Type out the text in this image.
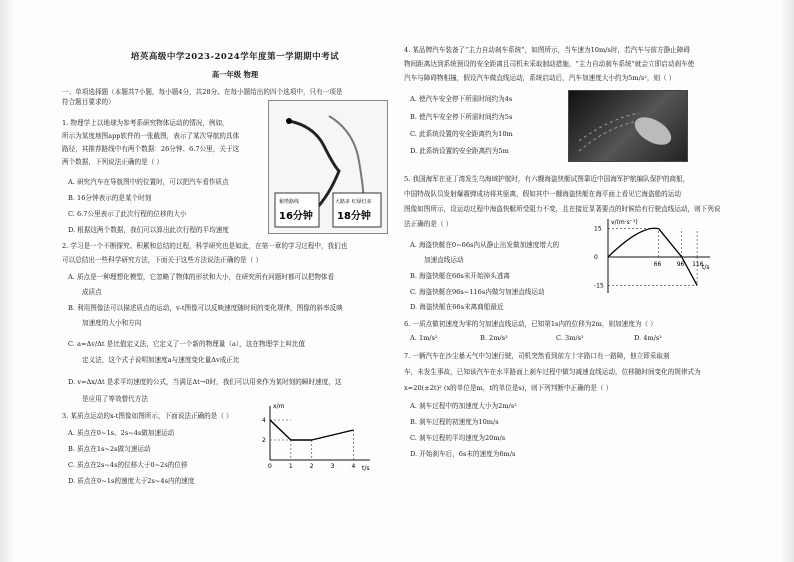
培英高级中学2023-2024学年度第一学期期中考试
高一年级 物理
一、单项选择题（本题共7小题，每小题4分，共28分。在每小题给出的四个选项中，只有一项是
符合题目要求的）
1. 物理学上以地球为参考系研究物体运动的情况，例如，
所示为某度地图app软件的一张截图，表示了某次导航的具体
路径，其推荐路线中有两个数据：26分钟、6.7公里，关于这
两个数据，下列说法正确的是（ ）
A. 研究汽车在导航图中的位置时，可以把汽车看作质点
B. 16分钟表示的是某个时刻
C. 6.7公里表示了此次行程的位移的大小
D. 根据这两个数据，我们可以算出此次行程的平均速度
秘塔路线
16分钟
大路多 红绿灯多
18分钟
2. 学习是一个不断探究、积累和总结的过程，科学研究也是如此，在第一章的学习过程中，我们也
可以总结出一些科学研究方法，下面关于这些方法说法正确的是（ ）
A. 质点是一种理想化模型，它忽略了物体的形状和大小，在研究所有问题时都可以把物体看
成质点
B. 利用图像法可以描述质点的运动，v-t图像可以反映速度随时间的变化规律，图像的斜率反映
加速度的大小和方向
C. a=Δv/Δt 是比值定义法，它定义了一个新的物理量（a），这在物理学上叫比值
定义法，这个式子说明加速度a与速度变化量Δv成正比
D. v=Δx/Δt 是求平均速度的公式，当满足Δt→0时，我们可以用来作为某时刻的瞬时速度，这
是应用了等效替代方法
3. 某质点运动的x-t图像如图所示，下面说法正确的是（ ）
A. 质点在0~1s、2s~4s做加速运动
B. 质点在1s~2s做匀速运动
C. 质点在2s~4s的位移大于0~2s的位移
D. 质点在0~1s的速度大于2s~4s内的速度
t/s
x/m
0	1	2	3	4
2
4
4. 某品牌汽车装备了“主力自动刹车系统”，如图所示，当车速为10m/s时，若汽车与前方静止障碍
物间距离达到系统预设的安全距离且司机未采取制动措施，“主力自动刹车系统”就会立即启动刹车使
汽车与障碍物相撞，假设汽车做直线运动，系统启动后，汽车加速度大小约为5m/s²，则（ ）
A. 使汽车安全停下所需时间约为4s
B. 使汽车安全停下所需时间约为5s
C. 此系统设置的安全距离约为10m
D. 此系统设置的安全距离约为5m
5. 我国海军在亚丁湾发生乌海域护航时，有六艘海盗快艇试图靠近中国海军护航编队保护的商船，
中国特战队员发射爆震弹成功将其驱离，假如其中一艘海盗快艇在海平面上看见它海盗船的运动
图像如图所示，设运动过程中海盗快艇所受阻力不变，且在接近显著要点的时候给有行驶直线运动，则下列说
法正确的是（ ）
A. 海盗快艇在0~66s内从静止出发做加速度增大的
加速直线运动
B. 海盗快艇在66s末开始掉头逃离
C. 海盗快艇在96s~116s内做匀加速直线运动
D. 海盗快艇在66s末离商船最近
t/s
v/(m·s⁻¹)
15
0
-15
66	96 116
6. 一质点做初速度为零的匀加速直线运动，已知第1s内的位移为2m，则加速度为（ ）
A. 1m/s²	B. 2m/s²	C. 3m/s²	D. 4m/s²
7. 一辆汽车在沙尘暴天气中匀速行驶，司机突然看到前方十字路口有一路障，他立即采取刹
车，未发生事故，已知该汽车在水平路面上刹车过程中做匀减速直线运动，位移随时间变化的规律式为
x=20(±2t)² (x的单位是m，t的单位是s)，则下列判断中正确的是（ ）
A. 刹车过程中的加速度大小为2m/s²
B. 刹车过程的初速度为10m/s
C. 刹车过程的平均速度为20m/s
D. 开始刹车后，6s末的速度为6m/s
